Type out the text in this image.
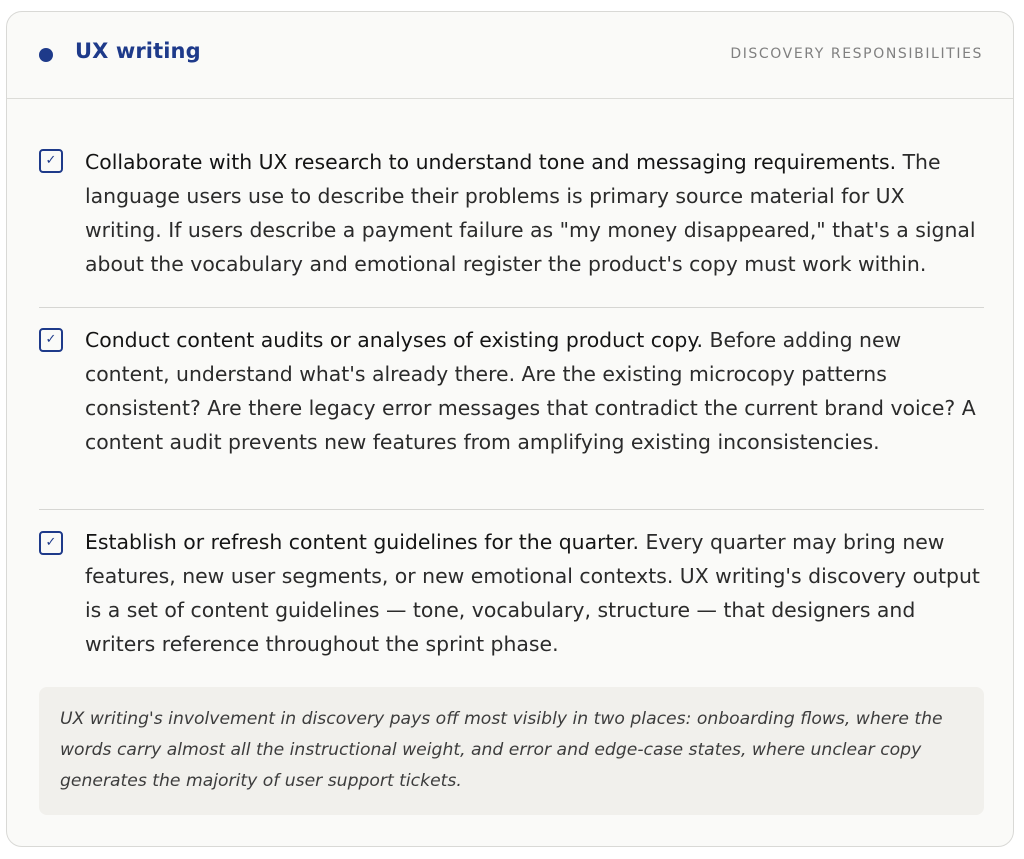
UX writing	DISCOVERY RESPONSIBILITIES
✓	Collaborate with UX research to understand tone and messaging requirements. The language users use to describe their problems is primary source material for UX writing. If users describe a payment failure as "my money disappeared," that's a signal about the vocabulary and emotional register the product's copy must work within.
✓	Conduct content audits or analyses of existing product copy. Before adding new content, understand what's already there. Are the existing microcopy patterns consistent? Are there legacy error messages that contradict the current brand voice? A content audit prevents new features from amplifying existing inconsistencies.
✓	Establish or refresh content guidelines for the quarter. Every quarter may bring new features, new user segments, or new emotional contexts. UX writing's discovery output is a set of content guidelines — tone, vocabulary, structure — that designers and writers reference throughout the sprint phase.
UX writing's involvement in discovery pays off most visibly in two places: onboarding flows, where the words carry almost all the instructional weight, and error and edge-case states, where unclear copy generates the majority of user support tickets.
